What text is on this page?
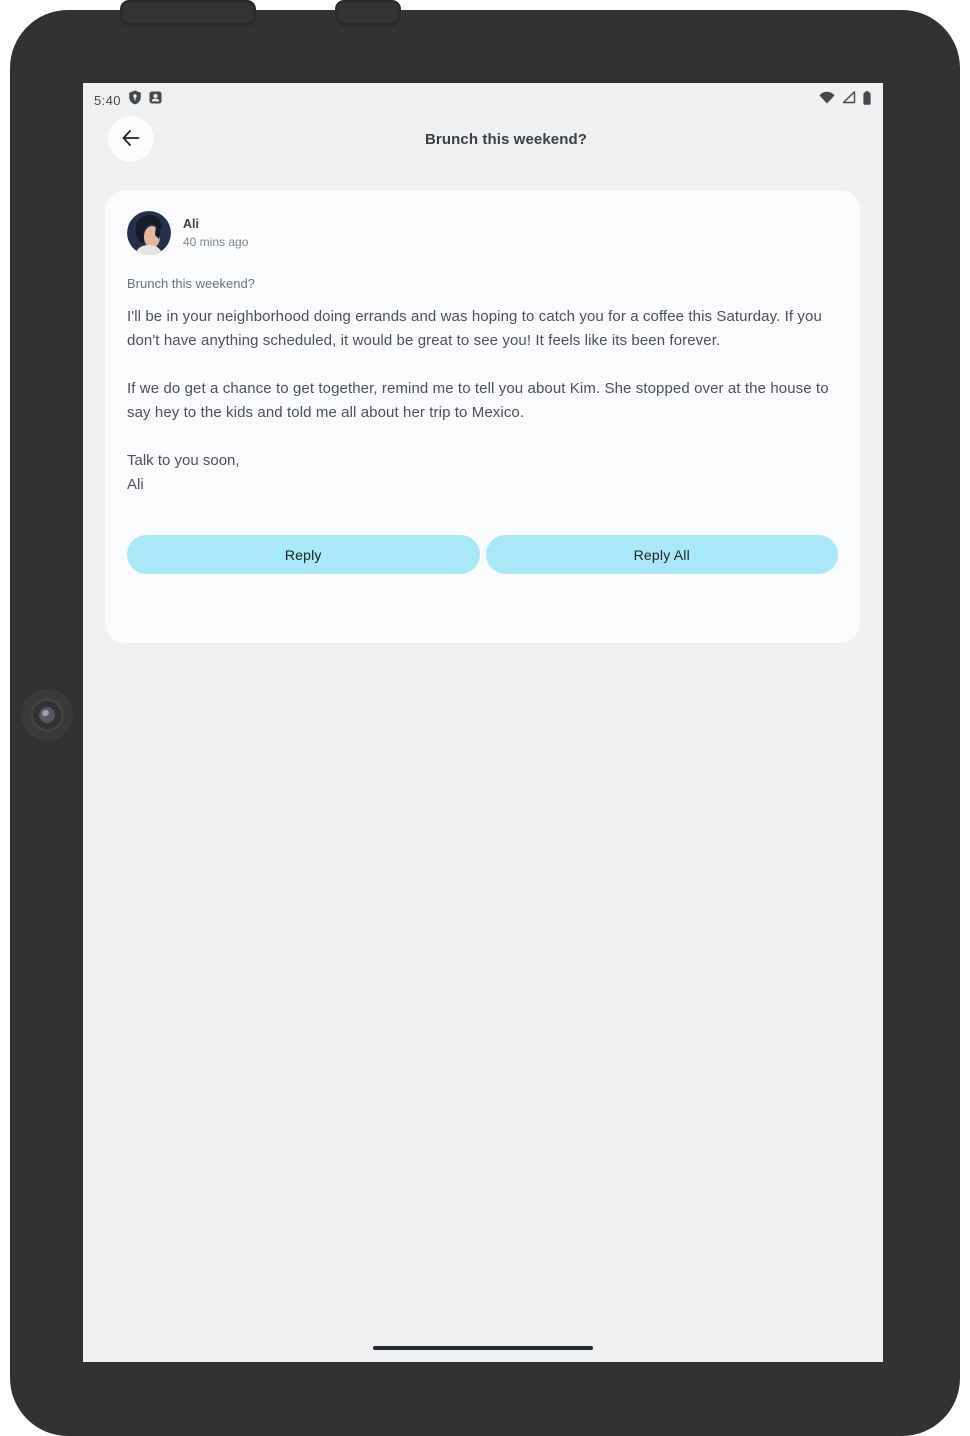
5:40
Brunch this weekend?
Ali
40 mins ago
Brunch this weekend?

I'll be in your neighborhood doing errands and was hoping to catch you for a coffee this Saturday. If you don't have anything scheduled, it would be great to see you! It feels like its been forever.

If we do get a chance to get together, remind me to tell you about Kim. She stopped over at the house to say hey to the kids and told me all about her trip to Mexico.

Talk to you soon,
Ali
Reply	Reply All
